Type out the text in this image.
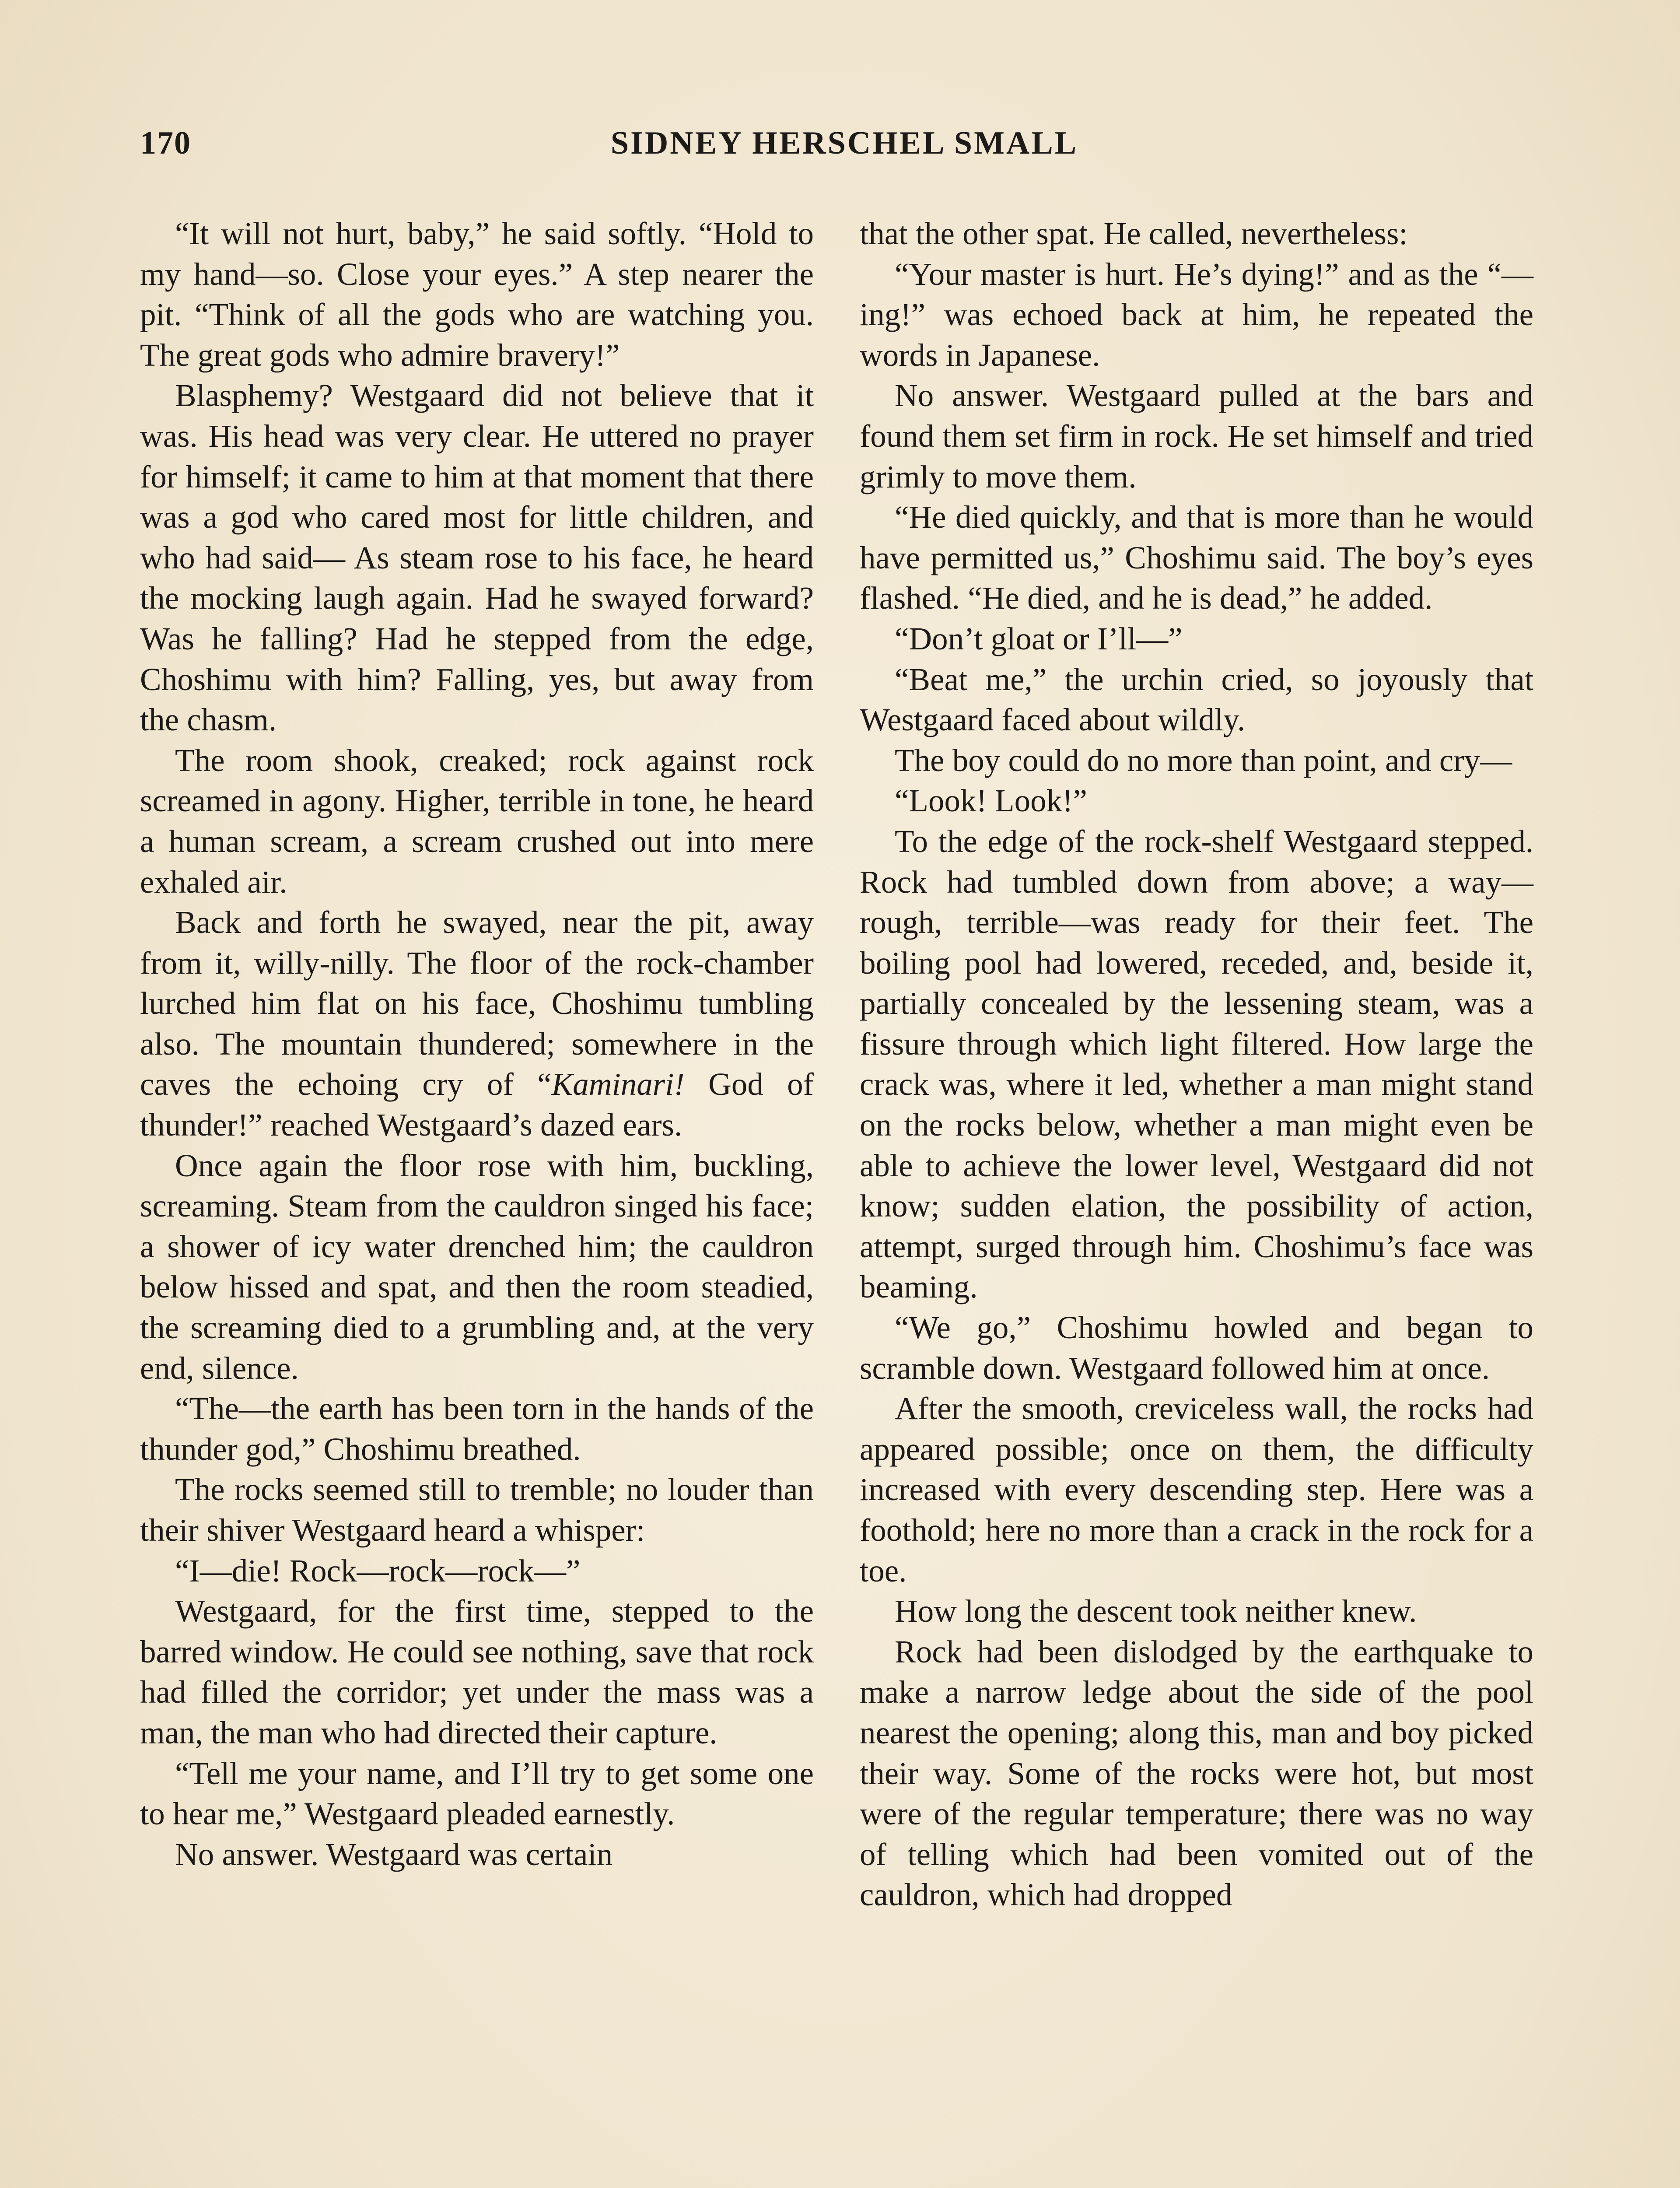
170	SIDNEY HERSCHEL SMALL

“It will not hurt, baby,” he said softly. “Hold to my hand—so. Close your eyes.” A step nearer the pit. “Think of all the gods who are watching you. The great gods who admire bravery!”

Blasphemy? Westgaard did not believe that it was. His head was very clear. He uttered no prayer for himself; it came to him at that moment that there was a god who cared most for little children, and who had said— As steam rose to his face, he heard the mocking laugh again. Had he swayed forward? Was he falling? Had he stepped from the edge, Choshimu with him? Falling, yes, but away from the chasm.

The room shook, creaked; rock against rock screamed in agony. Higher, terrible in tone, he heard a human scream, a scream crushed out into mere exhaled air.

Back and forth he swayed, near the pit, away from it, willy-nilly. The floor of the rock-chamber lurched him flat on his face, Choshimu tumbling also. The mountain thundered; somewhere in the caves the echoing cry of “Kaminari! God of thunder!” reached Westgaard’s dazed ears.

Once again the floor rose with him, buckling, screaming. Steam from the cauldron singed his face; a shower of icy water drenched him; the cauldron below hissed and spat, and then the room steadied, the screaming died to a grumbling and, at the very end, silence.

“The—the earth has been torn in the hands of the thunder god,” Choshimu breathed.

The rocks seemed still to tremble; no louder than their shiver Westgaard heard a whisper:

“I—die! Rock—rock—rock—”

Westgaard, for the first time, stepped to the barred window. He could see nothing, save that rock had filled the corridor; yet under the mass was a man, the man who had directed their capture.

“Tell me your name, and I’ll try to get some one to hear me,” Westgaard pleaded earnestly.

No answer. Westgaard was certain

that the other spat. He called, nevertheless:

“Your master is hurt. He’s dying!” and as the “—ing!” was echoed back at him, he repeated the words in Japanese.

No answer. Westgaard pulled at the bars and found them set firm in rock. He set himself and tried grimly to move them.

“He died quickly, and that is more than he would have permitted us,” Choshimu said. The boy’s eyes flashed. “He died, and he is dead,” he added.

“Don’t gloat or I’ll—”

“Beat me,” the urchin cried, so joyously that Westgaard faced about wildly.

The boy could do no more than point, and cry—

“Look! Look!”

To the edge of the rock-shelf Westgaard stepped. Rock had tumbled down from above; a way—rough, terrible—was ready for their feet. The boiling pool had lowered, receded, and, beside it, partially concealed by the lessening steam, was a fissure through which light filtered. How large the crack was, where it led, whether a man might stand on the rocks below, whether a man might even be able to achieve the lower level, Westgaard did not know; sudden elation, the possibility of action, attempt, surged through him. Choshimu’s face was beaming.

“We go,” Choshimu howled and began to scramble down. Westgaard followed him at once.

After the smooth, creviceless wall, the rocks had appeared possible; once on them, the difficulty increased with every descending step. Here was a foothold; here no more than a crack in the rock for a toe.

How long the descent took neither knew.

Rock had been dislodged by the earthquake to make a narrow ledge about the side of the pool nearest the opening; along this, man and boy picked their way. Some of the rocks were hot, but most were of the regular temperature; there was no way of telling which had been vomited out of the cauldron, which had dropped
